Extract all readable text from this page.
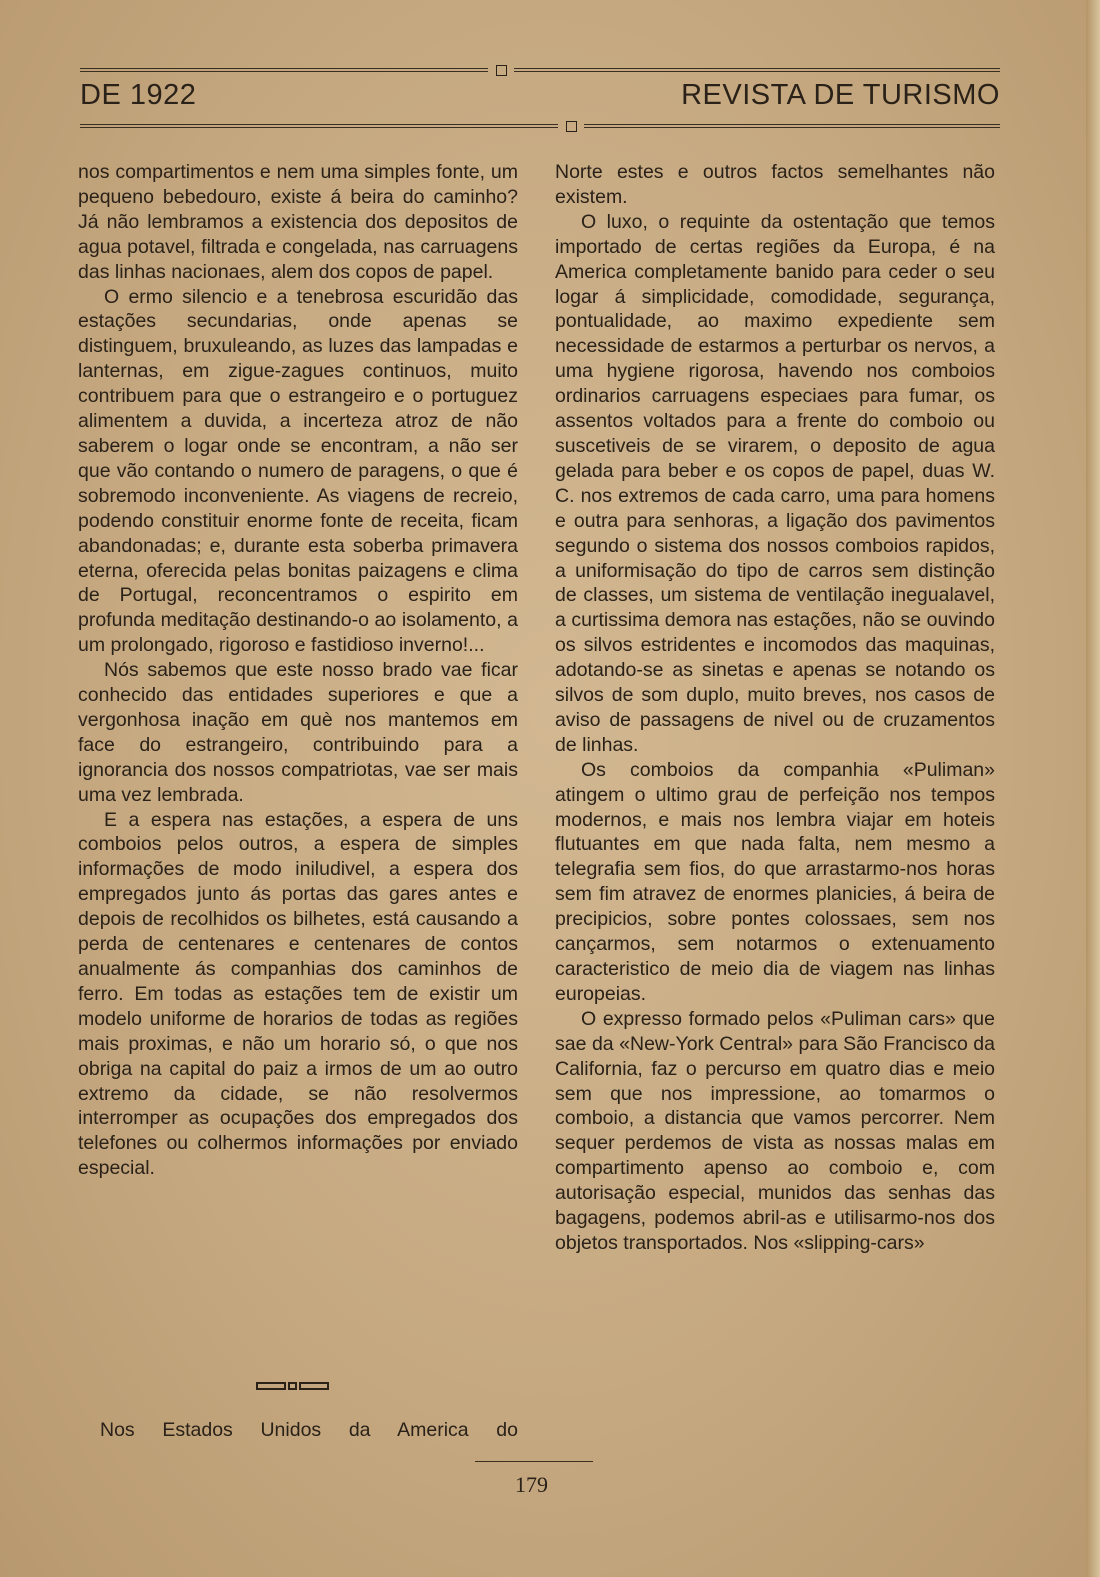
DE 1922	REVISTA DE TURISMO

nos compartimentos e nem uma simples fonte, um pequeno bebedouro, existe á beira do caminho? Já não lembramos a existencia dos depositos de agua potavel, filtrada e congelada, nas carruagens das linhas nacionaes, alem dos copos de papel.

O ermo silencio e a tenebrosa escuridão das estações secundarias, onde apenas se distinguem, bruxuleando, as luzes das lampadas e lanternas, em zigue-zagues continuos, muito contribuem para que o estrangeiro e o portuguez alimentem a duvida, a incerteza atroz de não saberem o logar onde se encontram, a não ser que vão contando o numero de paragens, o que é sobremodo inconveniente. As viagens de recreio, podendo constituir enorme fonte de receita, ficam abandonadas; e, durante esta soberba primavera eterna, oferecida pelas bonitas paizagens e clima de Portugal, reconcentramos o espirito em profunda meditação destinando-o ao isolamento, a um prolongado, rigoroso e fastidioso inverno!...

Nós sabemos que este nosso brado vae ficar conhecido das entidades superiores e que a vergonhosa inação em què nos mantemos em face do estrangeiro, contribuindo para a ignorancia dos nossos compatriotas, vae ser mais uma vez lembrada.

E a espera nas estações, a espera de uns comboios pelos outros, a espera de simples informações de modo iniludivel, a espera dos empregados junto ás portas das gares antes e depois de recolhidos os bilhetes, está causando a perda de centenares e centenares de contos anualmente ás companhias dos caminhos de ferro. Em todas as estações tem de existir um modelo uniforme de horarios de todas as regiões mais proximas, e não um horario só, o que nos obriga na capital do paiz a irmos de um ao outro extremo da cidade, se não resolvermos interromper as ocupações dos empregados dos telefones ou colhermos informações por enviado especial.

Nos Estados Unidos da America do

Norte estes e outros factos semelhantes não existem.

O luxo, o requinte da ostentação que temos importado de certas regiões da Europa, é na America completamente banido para ceder o seu logar á simplicidade, comodidade, segurança, pontualidade, ao maximo expediente sem necessidade de estarmos a perturbar os nervos, a uma hygiene rigorosa, havendo nos comboios ordinarios carruagens especiaes para fumar, os assentos voltados para a frente do comboio ou suscetiveis de se virarem, o deposito de agua gelada para beber e os copos de papel, duas W. C. nos extremos de cada carro, uma para homens e outra para senhoras, a ligação dos pavimentos segundo o sistema dos nossos comboios rapidos, a uniformisação do tipo de carros sem distinção de classes, um sistema de ventilação inegualavel, a curtissima demora nas estações, não se ouvindo os silvos estridentes e incomodos das maquinas, adotando-se as sinetas e apenas se notando os silvos de som duplo, muito breves, nos casos de aviso de passagens de nivel ou de cruzamentos de linhas.

Os comboios da companhia «Puliman» atingem o ultimo grau de perfeição nos tempos modernos, e mais nos lembra viajar em hoteis flutuantes em que nada falta, nem mesmo a telegrafia sem fios, do que arrastarmo-nos horas sem fim atravez de enormes planicies, á beira de precipicios, sobre pontes colossaes, sem nos cançarmos, sem notarmos o extenuamento caracteristico de meio dia de viagem nas linhas europeias.

O expresso formado pelos «Puliman cars» que sae da «New-York Central» para São Francisco da California, faz o percurso em quatro dias e meio sem que nos impressione, ao tomarmos o comboio, a distancia que vamos percorrer. Nem sequer perdemos de vista as nossas malas em compartimento apenso ao comboio e, com autorisação especial, munidos das senhas das bagagens, podemos abril-as e utilisarmo-nos dos objetos transportados. Nos «slipping-cars»

179
